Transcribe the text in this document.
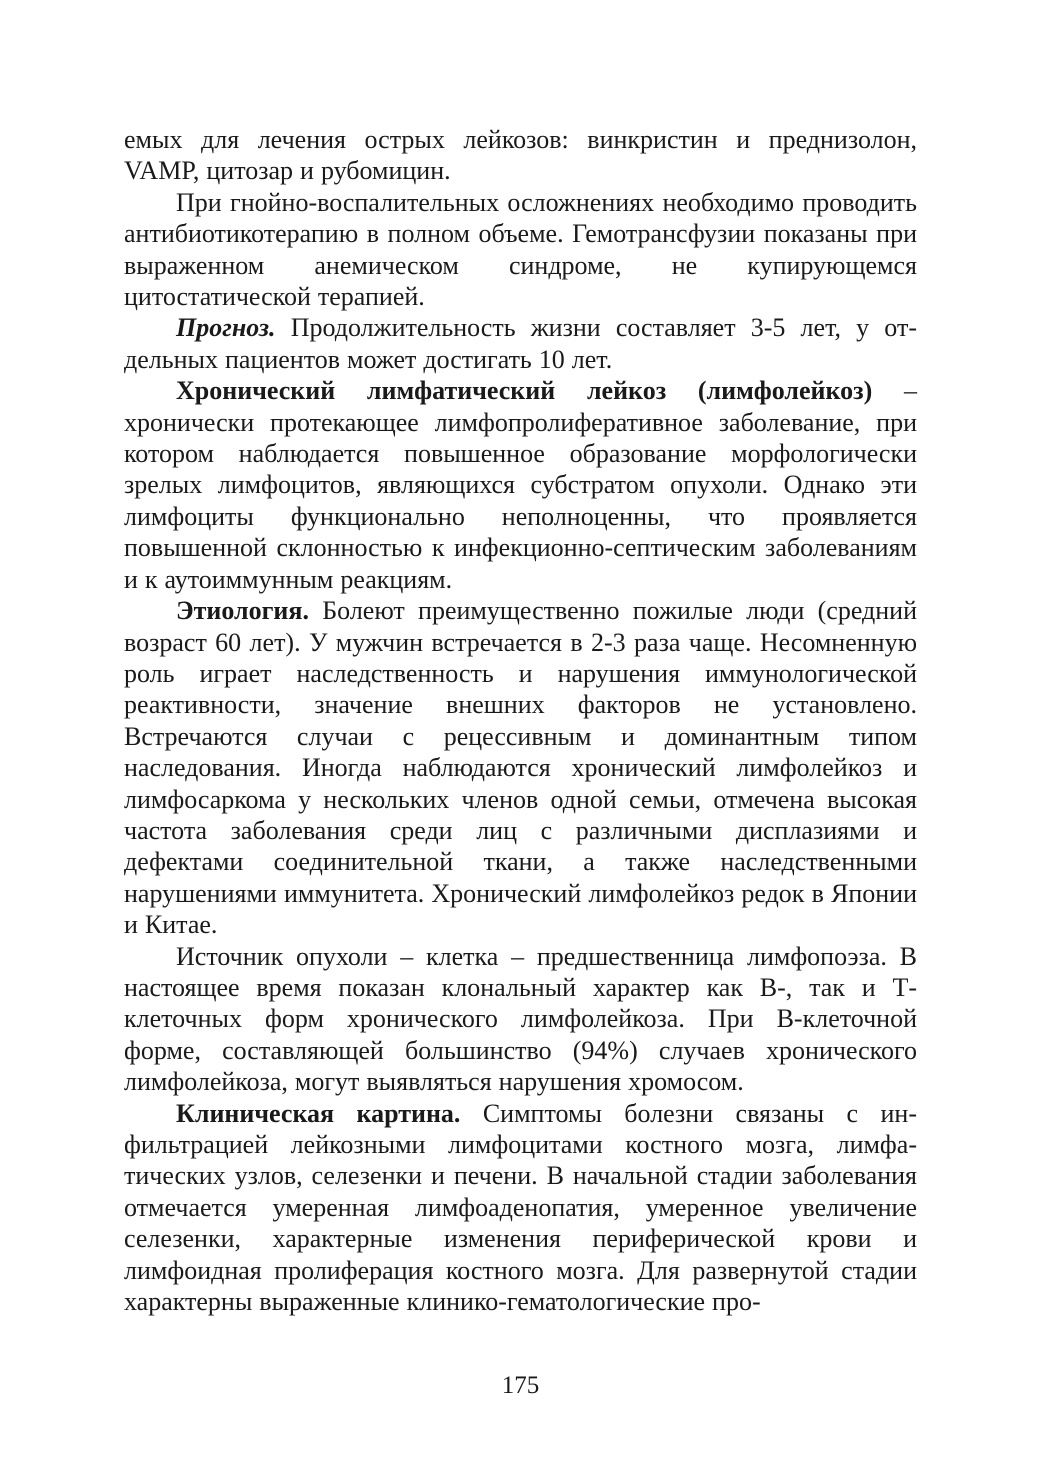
емых для лечения острых лейкозов: винкристин и преднизолон, VAMP, цитозар и рубомицин.

При гнойно-воспалительных осложнениях необходимо проводить антибиотикотерапию в полном объеме. Гемотрансфузии показаны при выраженном анемическом синдроме, не купирующемся цитостатической терапией.

Прогноз. Продолжительность жизни составляет 3-5 лет, у отдельных пациентов может достигать 10 лет.

Хронический лимфатический лейкоз (лимфолейкоз) – хронически протекающее лимфопролиферативное заболевание, при котором наблюдается повышенное образование морфологически зрелых лимфоцитов, являющихся субстратом опухоли. Однако эти лимфоциты функционально неполноценны, что проявляется повышенной склонностью к инфекционно-септическим заболеваниям и к аутоиммунным реакциям.

Этиология. Болеют преимущественно пожилые люди (средний возраст 60 лет). У мужчин встречается в 2-3 раза чаще. Несомненную роль играет наследственность и нарушения иммунологической реактивности, значение внешних факторов не установлено. Встречаются случаи с рецессивным и доминантным типом наследования. Иногда наблюдаются хронический лимфолейкоз и лимфосаркома у нескольких членов одной семьи, отмечена высокая частота заболевания среди лиц с различными дисплазиями и дефектами соединительной ткани, а также наследственными нарушениями иммунитета. Хронический лимфолейкоз редок в Японии и Китае.

Источник опухоли – клетка – предшественница лимфопоэза. В настоящее время показан клональный характер как В-, так и Т-клеточных форм хронического лимфолейкоза. При В-клеточной форме, составляющей большинство (94%) случаев хронического лимфолейкоза, могут выявляться нарушения хромосом.

Клиническая картина. Симптомы болезни связаны с инфильтрацией лейкозными лимфоцитами костного мозга, лимфатических узлов, селезенки и печени. В начальной стадии заболевания отмечается умеренная лимфоаденопатия, умеренное увеличение селезенки, характерные изменения периферической крови и лимфоидная пролиферация костного мозга. Для развернутой стадии характерны выраженные клинико-гематологические про-

175
